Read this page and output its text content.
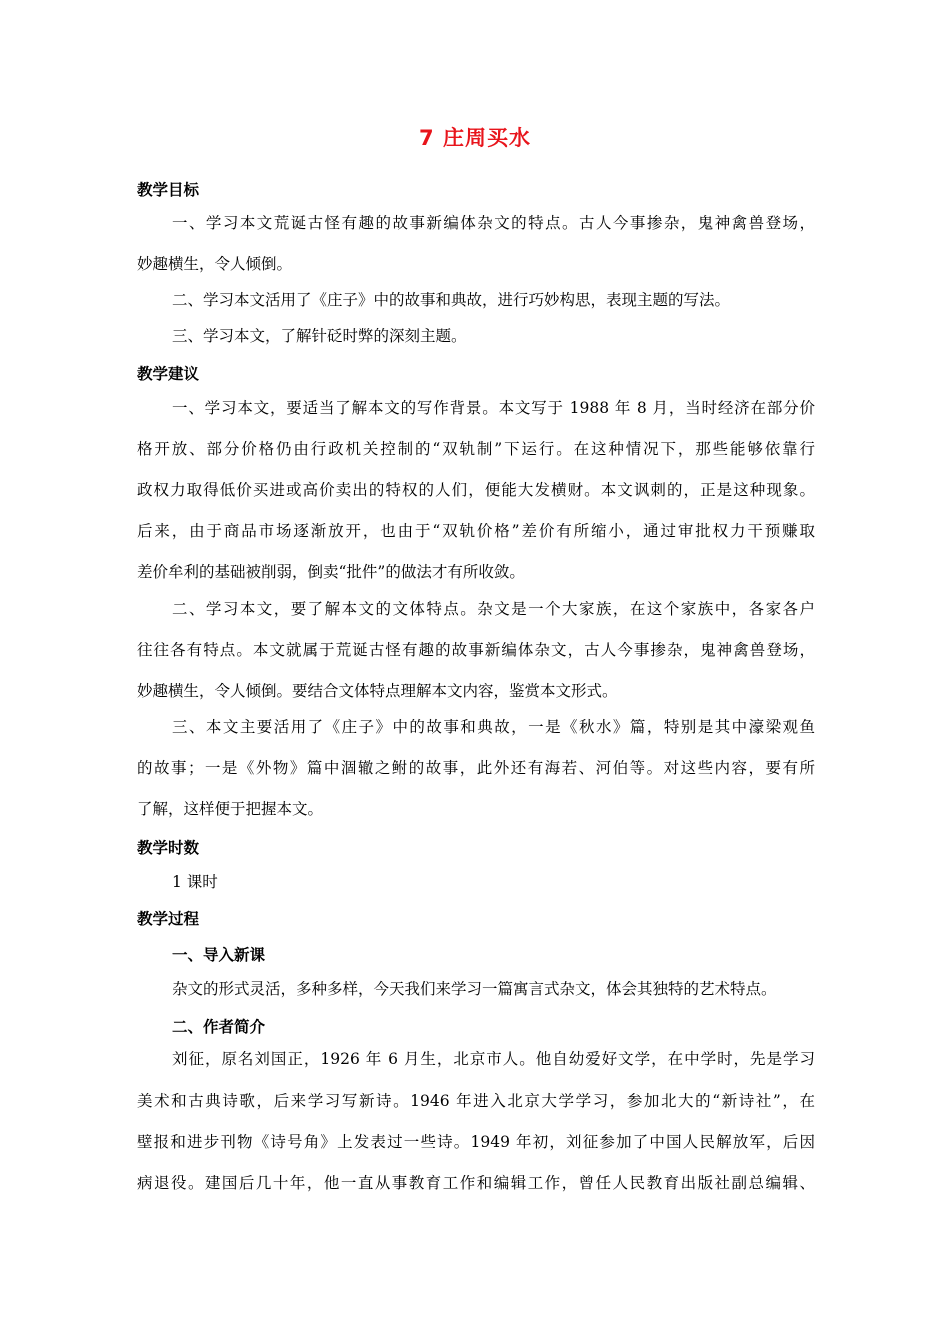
7 庄周买水
教学目标
一、学习本文荒诞古怪有趣的故事新编体杂文的特点。古人今事掺杂，鬼神禽兽登场，
妙趣横生，令人倾倒。
二、学习本文活用了《庄子》中的故事和典故，进行巧妙构思，表现主题的写法。
三、学习本文，了解针砭时弊的深刻主题。
教学建议
一、学习本文，要适当了解本文的写作背景。本文写于 1988 年 8 月，当时经济在部分价
格开放、部分价格仍由行政机关控制的“双轨制”下运行。在这种情况下，那些能够依靠行
政权力取得低价买进或高价卖出的特权的人们，便能大发横财。本文讽刺的，正是这种现象。
后来，由于商品市场逐渐放开，也由于“双轨价格”差价有所缩小，通过审批权力干预赚取
差价牟利的基础被削弱，倒卖“批件”的做法才有所收敛。
二、学习本文，要了解本文的文体特点。杂文是一个大家族，在这个家族中，各家各户
往往各有特点。本文就属于荒诞古怪有趣的故事新编体杂文，古人今事掺杂，鬼神禽兽登场，
妙趣横生，令人倾倒。要结合文体特点理解本文内容，鉴赏本文形式。
三、本文主要活用了《庄子》中的故事和典故，一是《秋水》篇，特别是其中濠梁观鱼
的故事；一是《外物》篇中涸辙之鲋的故事，此外还有海若、河伯等。对这些内容，要有所
了解，这样便于把握本文。
教学时数
1 课时
教学过程
一、导入新课
杂文的形式灵活，多种多样，今天我们来学习一篇寓言式杂文，体会其独特的艺术特点。
二、作者简介
刘征，原名刘国正，1926 年 6 月生，北京市人。他自幼爱好文学，在中学时，先是学习
美术和古典诗歌，后来学习写新诗。1946 年进入北京大学学习，参加北大的“新诗社”，在
壁报和进步刊物《诗号角》上发表过一些诗。1949 年初，刘征参加了中国人民解放军，后因
病退役。建国后几十年，他一直从事教育工作和编辑工作，曾任人民教育出版社副总编辑、
